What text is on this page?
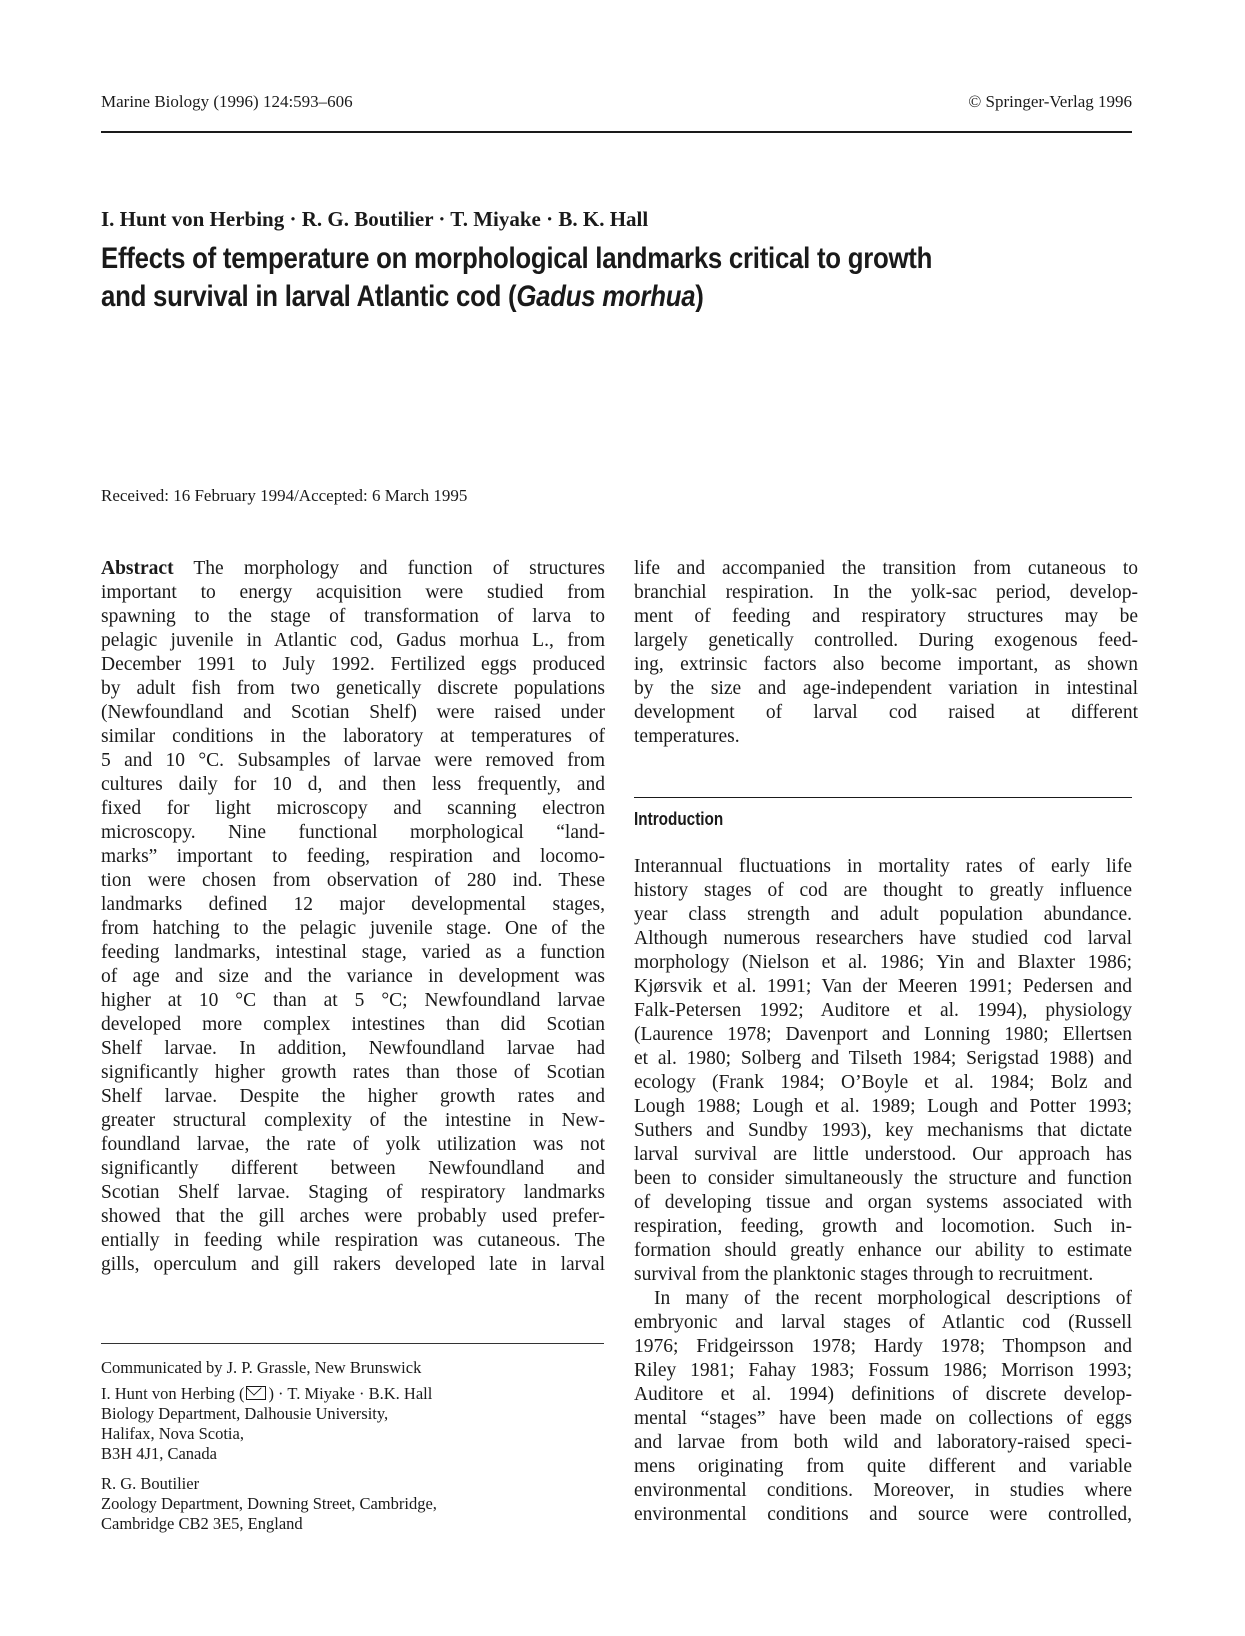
Marine Biology (1996) 124:593–606	© Springer-Verlag 1996
I. Hunt von Herbing · R. G. Boutilier · T. Miyake · B. K. Hall
Effects of temperature on morphological landmarks critical to growth
and survival in larval Atlantic cod (Gadus morhua)
Received: 16 February 1994/Accepted: 6 March 1995
Abstract The morphology and function of structures
important to energy acquisition were studied from
spawning to the stage of transformation of larva to
pelagic juvenile in Atlantic cod, Gadus morhua L., from
December 1991 to July 1992. Fertilized eggs produced
by adult fish from two genetically discrete populations
(Newfoundland and Scotian Shelf) were raised under
similar conditions in the laboratory at temperatures of
5 and 10 °C. Subsamples of larvae were removed from
cultures daily for 10 d, and then less frequently, and
fixed for light microscopy and scanning electron
microscopy. Nine functional morphological “land-
marks” important to feeding, respiration and locomo-
tion were chosen from observation of 280 ind. These
landmarks defined 12 major developmental stages,
from hatching to the pelagic juvenile stage. One of the
feeding landmarks, intestinal stage, varied as a function
of age and size and the variance in development was
higher at 10 °C than at 5 °C; Newfoundland larvae
developed more complex intestines than did Scotian
Shelf larvae. In addition, Newfoundland larvae had
significantly higher growth rates than those of Scotian
Shelf larvae. Despite the higher growth rates and
greater structural complexity of the intestine in New-
foundland larvae, the rate of yolk utilization was not
significantly different between Newfoundland and
Scotian Shelf larvae. Staging of respiratory landmarks
showed that the gill arches were probably used prefer-
entially in feeding while respiration was cutaneous. The
gills, operculum and gill rakers developed late in larval
life and accompanied the transition from cutaneous to
branchial respiration. In the yolk-sac period, develop-
ment of feeding and respiratory structures may be
largely genetically controlled. During exogenous feed-
ing, extrinsic factors also become important, as shown
by the size and age-independent variation in intestinal
development of larval cod raised at different
temperatures.
Introduction
Interannual fluctuations in mortality rates of early life
history stages of cod are thought to greatly influence
year class strength and adult population abundance.
Although numerous researchers have studied cod larval
morphology (Nielson et al. 1986; Yin and Blaxter 1986;
Kjørsvik et al. 1991; Van der Meeren 1991; Pedersen and
Falk-Petersen 1992; Auditore et al. 1994), physiology
(Laurence 1978; Davenport and Lonning 1980; Ellertsen
et al. 1980; Solberg and Tilseth 1984; Serigstad 1988) and
ecology (Frank 1984; O’Boyle et al. 1984; Bolz and
Lough 1988; Lough et al. 1989; Lough and Potter 1993;
Suthers and Sundby 1993), key mechanisms that dictate
larval survival are little understood. Our approach has
been to consider simultaneously the structure and function
of developing tissue and organ systems associated with
respiration, feeding, growth and locomotion. Such in-
formation should greatly enhance our ability to estimate
survival from the planktonic stages through to recruitment.
In many of the recent morphological descriptions of
embryonic and larval stages of Atlantic cod (Russell
1976; Fridgeirsson 1978; Hardy 1978; Thompson and
Riley 1981; Fahay 1983; Fossum 1986; Morrison 1993;
Auditore et al. 1994) definitions of discrete develop-
mental “stages” have been made on collections of eggs
and larvae from both wild and laboratory-raised speci-
mens originating from quite different and variable
environmental conditions. Moreover, in studies where
environmental conditions and source were controlled,
Communicated by J. P. Grassle, New Brunswick
I. Hunt von Herbing ( ) · T. Miyake · B.K. Hall
Biology Department, Dalhousie University,
Halifax, Nova Scotia,
B3H 4J1, Canada
R. G. Boutilier
Zoology Department, Downing Street, Cambridge,
Cambridge CB2 3E5, England
